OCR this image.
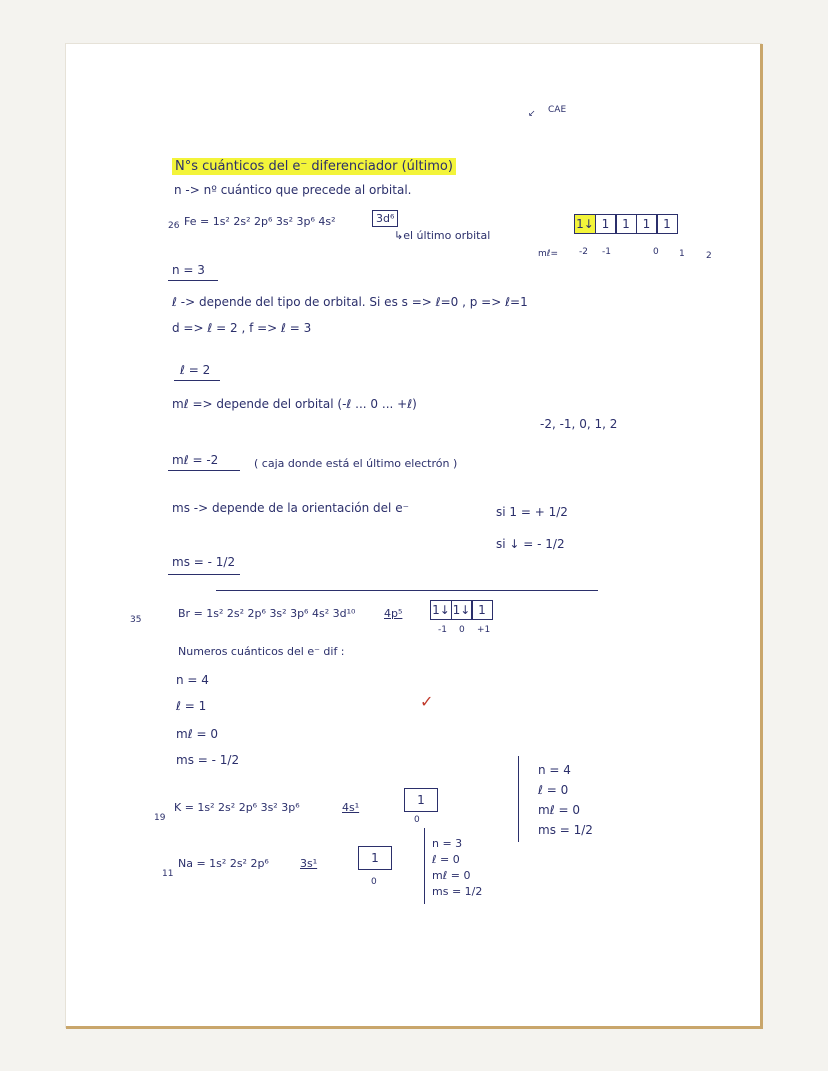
↙ CAE
N°s cuánticos del e⁻ diferenciador (último)
n -> nº cuántico que precede al orbital.
26 Fe = 1s² 2s² 2p⁶ 3s² 3p⁶ 4s²	3d⁶
↳el último orbital
1↓ 1	1	1	1
mℓ= -2 -1	0 1 2
n = 3
ℓ -> depende del tipo de orbital. Si es s => ℓ=0 , p => ℓ=1
d => ℓ = 2 , f => ℓ = 3
ℓ = 2
mℓ => depende del orbital (-ℓ ... 0 ... +ℓ)
-2, -1, 0, 1, 2
mℓ = -2	( caja donde está el último electrón )
ms -> depende de la orientación del e⁻	si 1 = + 1/2
si ↓ = - 1/2
ms = - 1/2
35	Br = 1s² 2s² 2p⁶ 3s² 3p⁶ 4s² 3d¹⁰	4p⁵ 1↓ 1↓ 1
-1 0 +1
Numeros cuánticos del e⁻ dif :
n = 4
ℓ = 1
mℓ = 0
ms = - 1/2
✓
19
K = 1s² 2s² 2p⁶ 3s² 3p⁶	4s¹
1
0
n = 4
ℓ = 0
mℓ = 0
ms = 1/2
11
Na = 1s² 2s² 2p⁶	3s¹	1
0
n = 3
ℓ = 0
mℓ = 0
ms = 1/2
